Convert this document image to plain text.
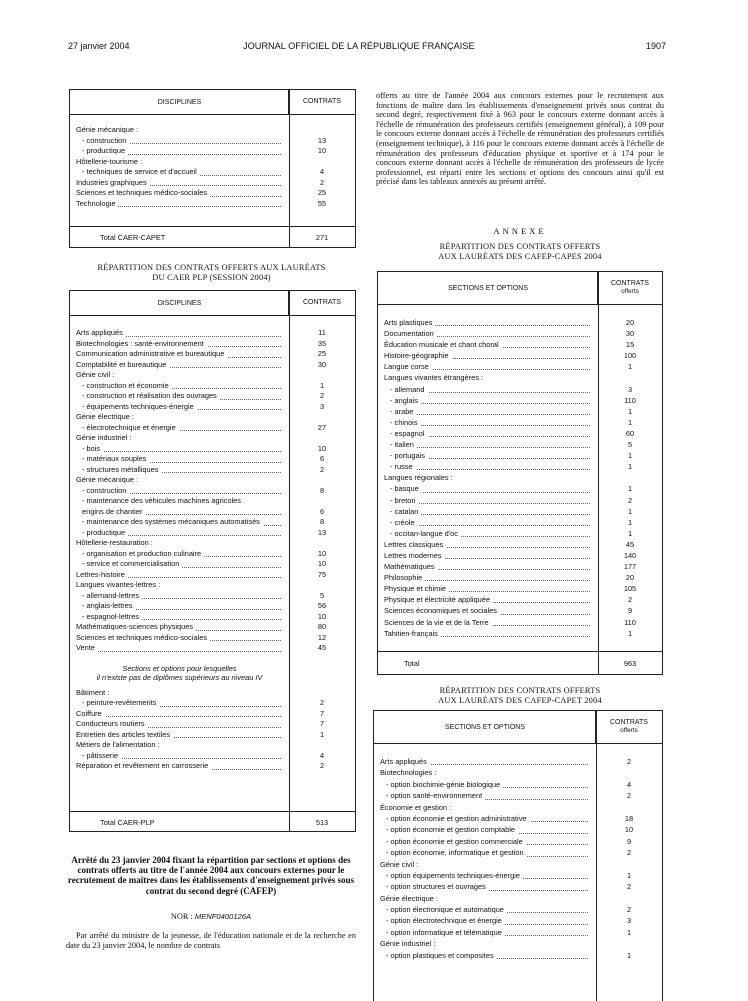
27 janvier 2004	JOURNAL OFFICIEL DE LA RÉPUBLIQUE FRANÇAISE	1907
DISCIPLINES	CONTRATS
Génie mécanique :
- construction	13
- productique	10
Hôtellerie-tourisme :
- techniques de service et d'accueil	4
Industries graphiques	2
Sciences et techniques médico-sociales	25
Technologie	55
Total CAER-CAPET	271
RÉPARTITION DES CONTRATS OFFERTS AUX LAURÉATS
DU CAER PLP (SESSION 2004)
DISCIPLINES	CONTRATS
Arts appliqués	11
Biotechnologies : santé-environnement	35
Communication administrative et bureautique	25
Comptabilité et bureautique	30
Génie civil :
- construction et économie	1
- construction et réalisation des ouvrages	2
- équipements techniques-énergie	3
Génie électrique :
- électrotechnique et énergie	27
Génie industriel :
- bois	10
- matériaux souples	6
- structures métalliques	2
Génie mécanique :
- construction	8
- maintenance des véhicules machines agricoles
engins de chantier	6
- maintenance des systèmes mécaniques automatisés	8
- productique	13
Hôtellerie-restauration :
- organisation et production culinaire	10
- service et commercialisation	10
Lettres-histoire	75
Langues vivantes-lettres :
- allemand-lettres	5
- anglais-lettres	56
- espagnol-lettres	10
Mathématiques-sciences physiques	80
Sciences et techniques médico-sociales	12
Vente	45
Sections et options pour lesquelles
il n'existe pas de diplômes supérieurs au niveau IV
Bâtiment :
- peinture-revêtements	2
Coiffure	7
Conducteurs routiers	7
Entretien des articles textiles	1
Métiers de l'alimentation :
- pâtisserie	4
Réparation et revêtement en carrosserie	2
Total CAER-PLP	513
Arrêté du 23 janvier 2004 fixant la répartition par sections et options des contrats offerts au titre de l'année 2004 aux concours externes pour le recrutement de maîtres dans les établissements d'enseignement privés sous contrat du second degré (CAFEP)
NOR : MENF0400126A
Par arrêté du ministre de la jeunesse, de l'éducation nationale et de la recherche en date du 23 janvier 2004, le nombre de contrats
offerts au titre de l'année 2004 aux concours externes pour le recrutement aux fonctions de maître dans les établissements d'enseignement privés sous contrat du second degré, respectivement fixé à 963 pour le concours externe donnant accès à l'échelle de rémunération des professeurs certifiés (enseignement général), à 109 pour le concours externe donnant accès à l'échelle de rémunération des professeurs certifiés (enseignement technique), à 116 pour le concours externe donnant accès à l'échelle de rémunération des professeurs d'éducation physique et sportive et à 174 pour le concours externe donnant accès à l'échelle de rémunération des professeurs de lycée professionnel, est réparti entre les sections et options des concours ainsi qu'il est précisé dans les tableaux annexés au présent arrêté.
ANNEXE
RÉPARTITION DES CONTRATS OFFERTS
AUX LAURÉATS DES CAFEP-CAPES 2004
SECTIONS ET OPTIONS
CONTRATS
offerts
Arts plastiques	20
Documentation	30
Éducation musicale et chant choral	15
Histoire-géographie	100
Langue corse	1
Langues vivantes étrangères :
- allemand	3
- anglais	110
- arabe	1
- chinois	1
- espagnol	60
- italien	5
- portugais	1
- russe	1
Langues régionales :
- basque	1
- breton	2
- catalan	1
- créole	1
- occitan-langue d'oc	1
Lettres classiques	45
Lettres modernes	140
Mathématiques	177
Philosophie	20
Physique et chimie	105
Physique et électricité appliquée	2
Sciences économiques et sociales	9
Sciences de la vie et de la Terre	110
Tahitien-français	1
Total	963
RÉPARTITION DES CONTRATS OFFERTS
AUX LAURÉATS DES CAFEP-CAPET 2004
SECTIONS ET OPTIONS
CONTRATS
offerts
Arts appliqués	2
Biotechnologies :
- option biochimie-génie biologique	4
- option santé-environnement	2
Économie et gestion :
- option économie et gestion administrative	18
- option économie et gestion comptable	10
- option économie et gestion commerciale	9
- option économie, informatique et gestion	2
Génie civil :
- option équipements techniques-énergie	1
- option structures et ouvrages	2
Génie électrique :
- option électronique et automatique	2
- option électrotechnique et énergie	3
- option informatique et télématique	1
Génie industriel :
- option plastiques et composites	1
